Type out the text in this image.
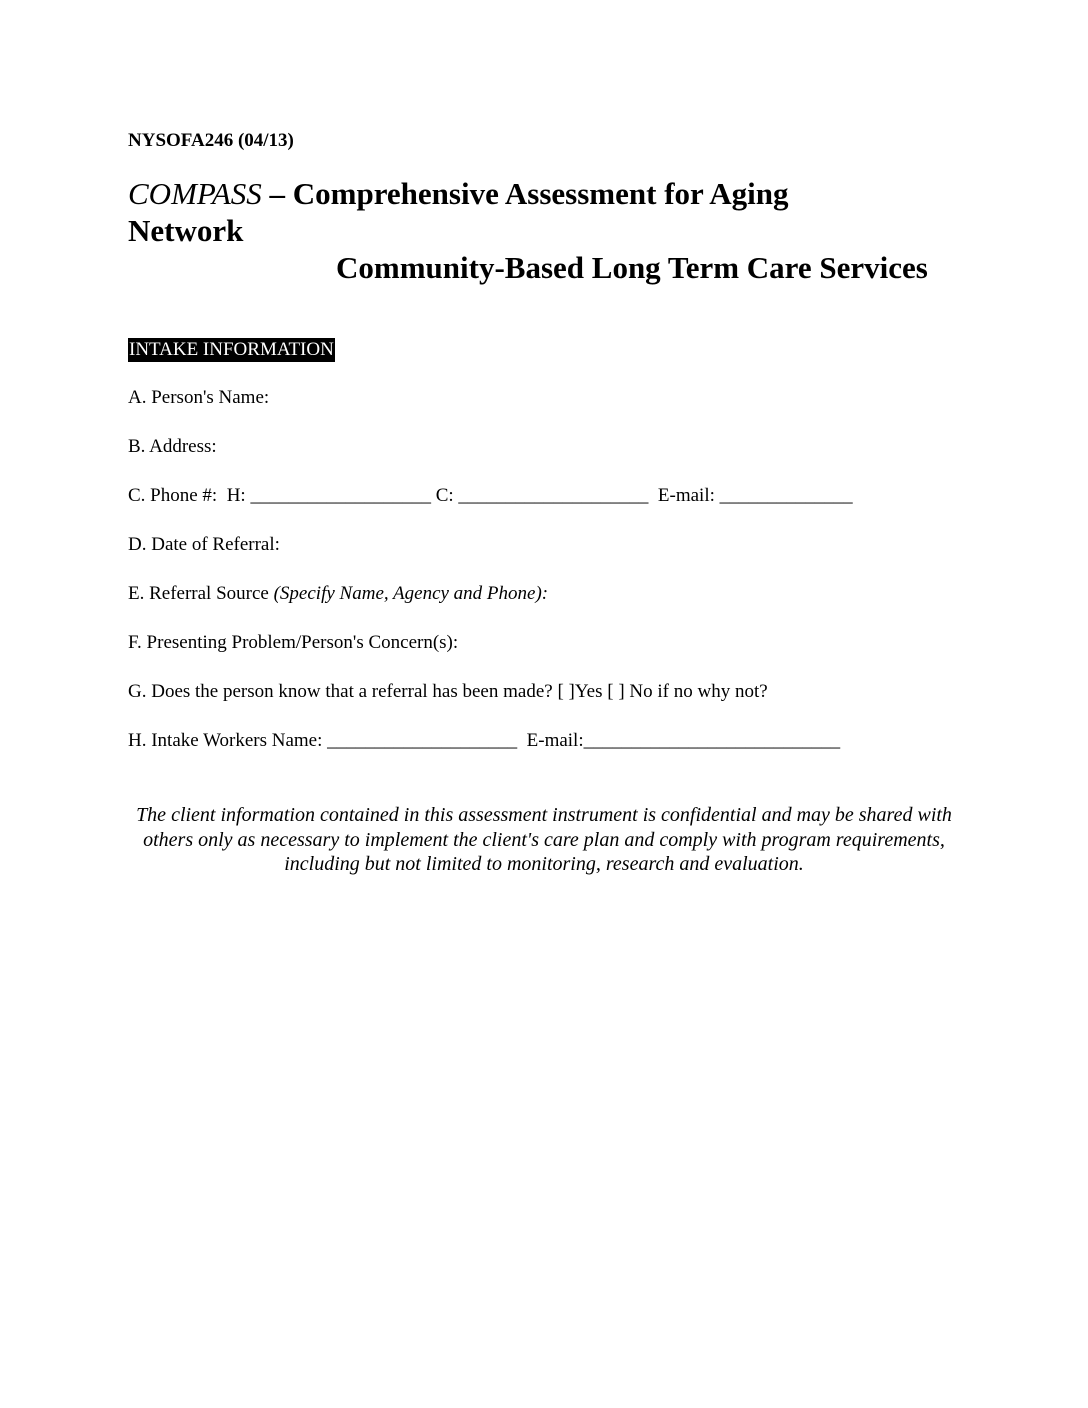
NYSOFA246 (04/13)
COMPASS – Comprehensive Assessment for Aging
Network
Community-Based Long Term Care Services
INTAKE INFORMATION
A. Person's Name:
B. Address:
C. Phone #:  H: ___________________ C: ____________________  E-mail: ______________
D. Date of Referral:
E. Referral Source (Specify Name, Agency and Phone):
F. Presenting Problem/Person's Concern(s):
G. Does the person know that a referral has been made? [ ]Yes [ ] No if no why not?
H. Intake Workers Name: ____________________  E-mail:___________________________
The client information contained in this assessment instrument is confidential and may be shared with others only as necessary to implement the client's care plan and comply with program requirements, including but not limited to monitoring, research and evaluation.
